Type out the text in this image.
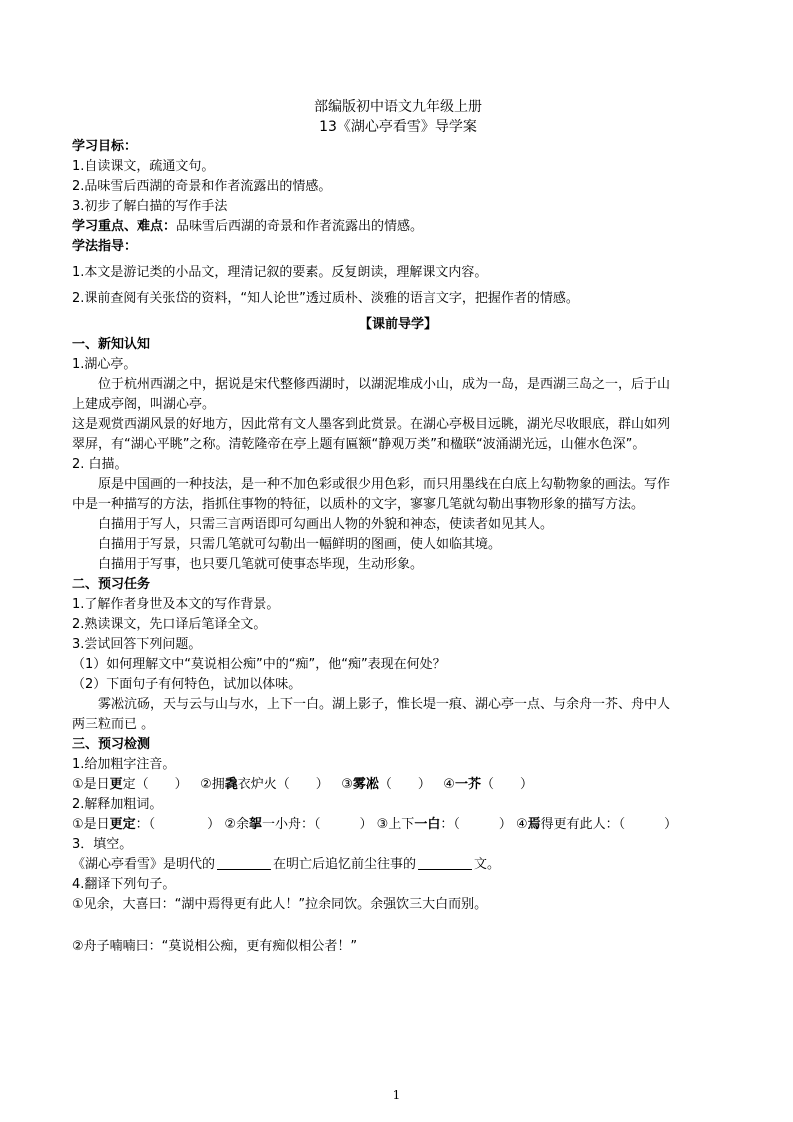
部编版初中语文九年级上册
13《湖心亭看雪》导学案
学习目标：
1.自读课文，疏通文句。
2.品味雪后西湖的奇景和作者流露出的情感。
3.初步了解白描的写作手法
学习重点、难点：品味雪后西湖的奇景和作者流露出的情感。
学法指导：
1.本文是游记类的小品文，理清记叙的要素。反复朗读，理解课文内容。
2.课前查阅有关张岱的资料，“知人论世”透过质朴、淡雅的语言文字，把握作者的情感。
【课前导学】
一、新知认知
1.湖心亭。
位于杭州西湖之中，据说是宋代整修西湖时，以湖泥堆成小山，成为一岛，是西湖三岛之一，后于山
上建成亭阁，叫湖心亭。
这是观赏西湖风景的好地方，因此常有文人墨客到此赏景。在湖心亭极目远眺，湖光尽收眼底，群山如列
翠屏，有“湖心平眺”之称。清乾隆帝在亭上题有匾额“静观万类”和楹联“波涌湖光远，山催水色深”。
2. 白描。
原是中国画的一种技法，是一种不加色彩或很少用色彩，而只用墨线在白底上勾勒物象的画法。写作
中是一种描写的方法，指抓住事物的特征，以质朴的文字，寥寥几笔就勾勒出事物形象的描写方法。
白描用于写人，只需三言两语即可勾画出人物的外貌和神态，使读者如见其人。
白描用于写景，只需几笔就可勾勒出一幅鲜明的图画，使人如临其境。
白描用于写事，也只要几笔就可使事态毕现，生动形象。
二、预习任务
1.了解作者身世及本文的写作背景。
2.熟读课文，先口译后笔译全文。
3.尝试回答下列问题。
（1）如何理解文中“莫说相公痴”中的“痴”，他“痴”表现在何处？
（2）下面句子有何特色，试加以体味。
雾凇沆砀，天与云与山与水，上下一白。湖上影子，惟长堤一痕、湖心亭一点、与余舟一芥、舟中人
两三粒而已 。
三、预习检测
1.给加粗字注音。
①是日更定（　　） ②拥毳衣炉火（　　） ③雾凇（　　） ④一芥（　　）
2.解释加粗词。
①是日更定：（　　　　） ②余挐一小舟：（　　　） ③上下一白：（　　　） ④焉得更有此人：（　　　）
3．填空。
《湖心亭看雪》是明代的	在明亡后追忆前尘往事的	文。
4.翻译下列句子。
①见余，大喜曰：“湖中焉得更有此人！”拉余同饮。余强饮三大白而别。
②舟子喃喃曰：“莫说相公痴，更有痴似相公者！”
1
